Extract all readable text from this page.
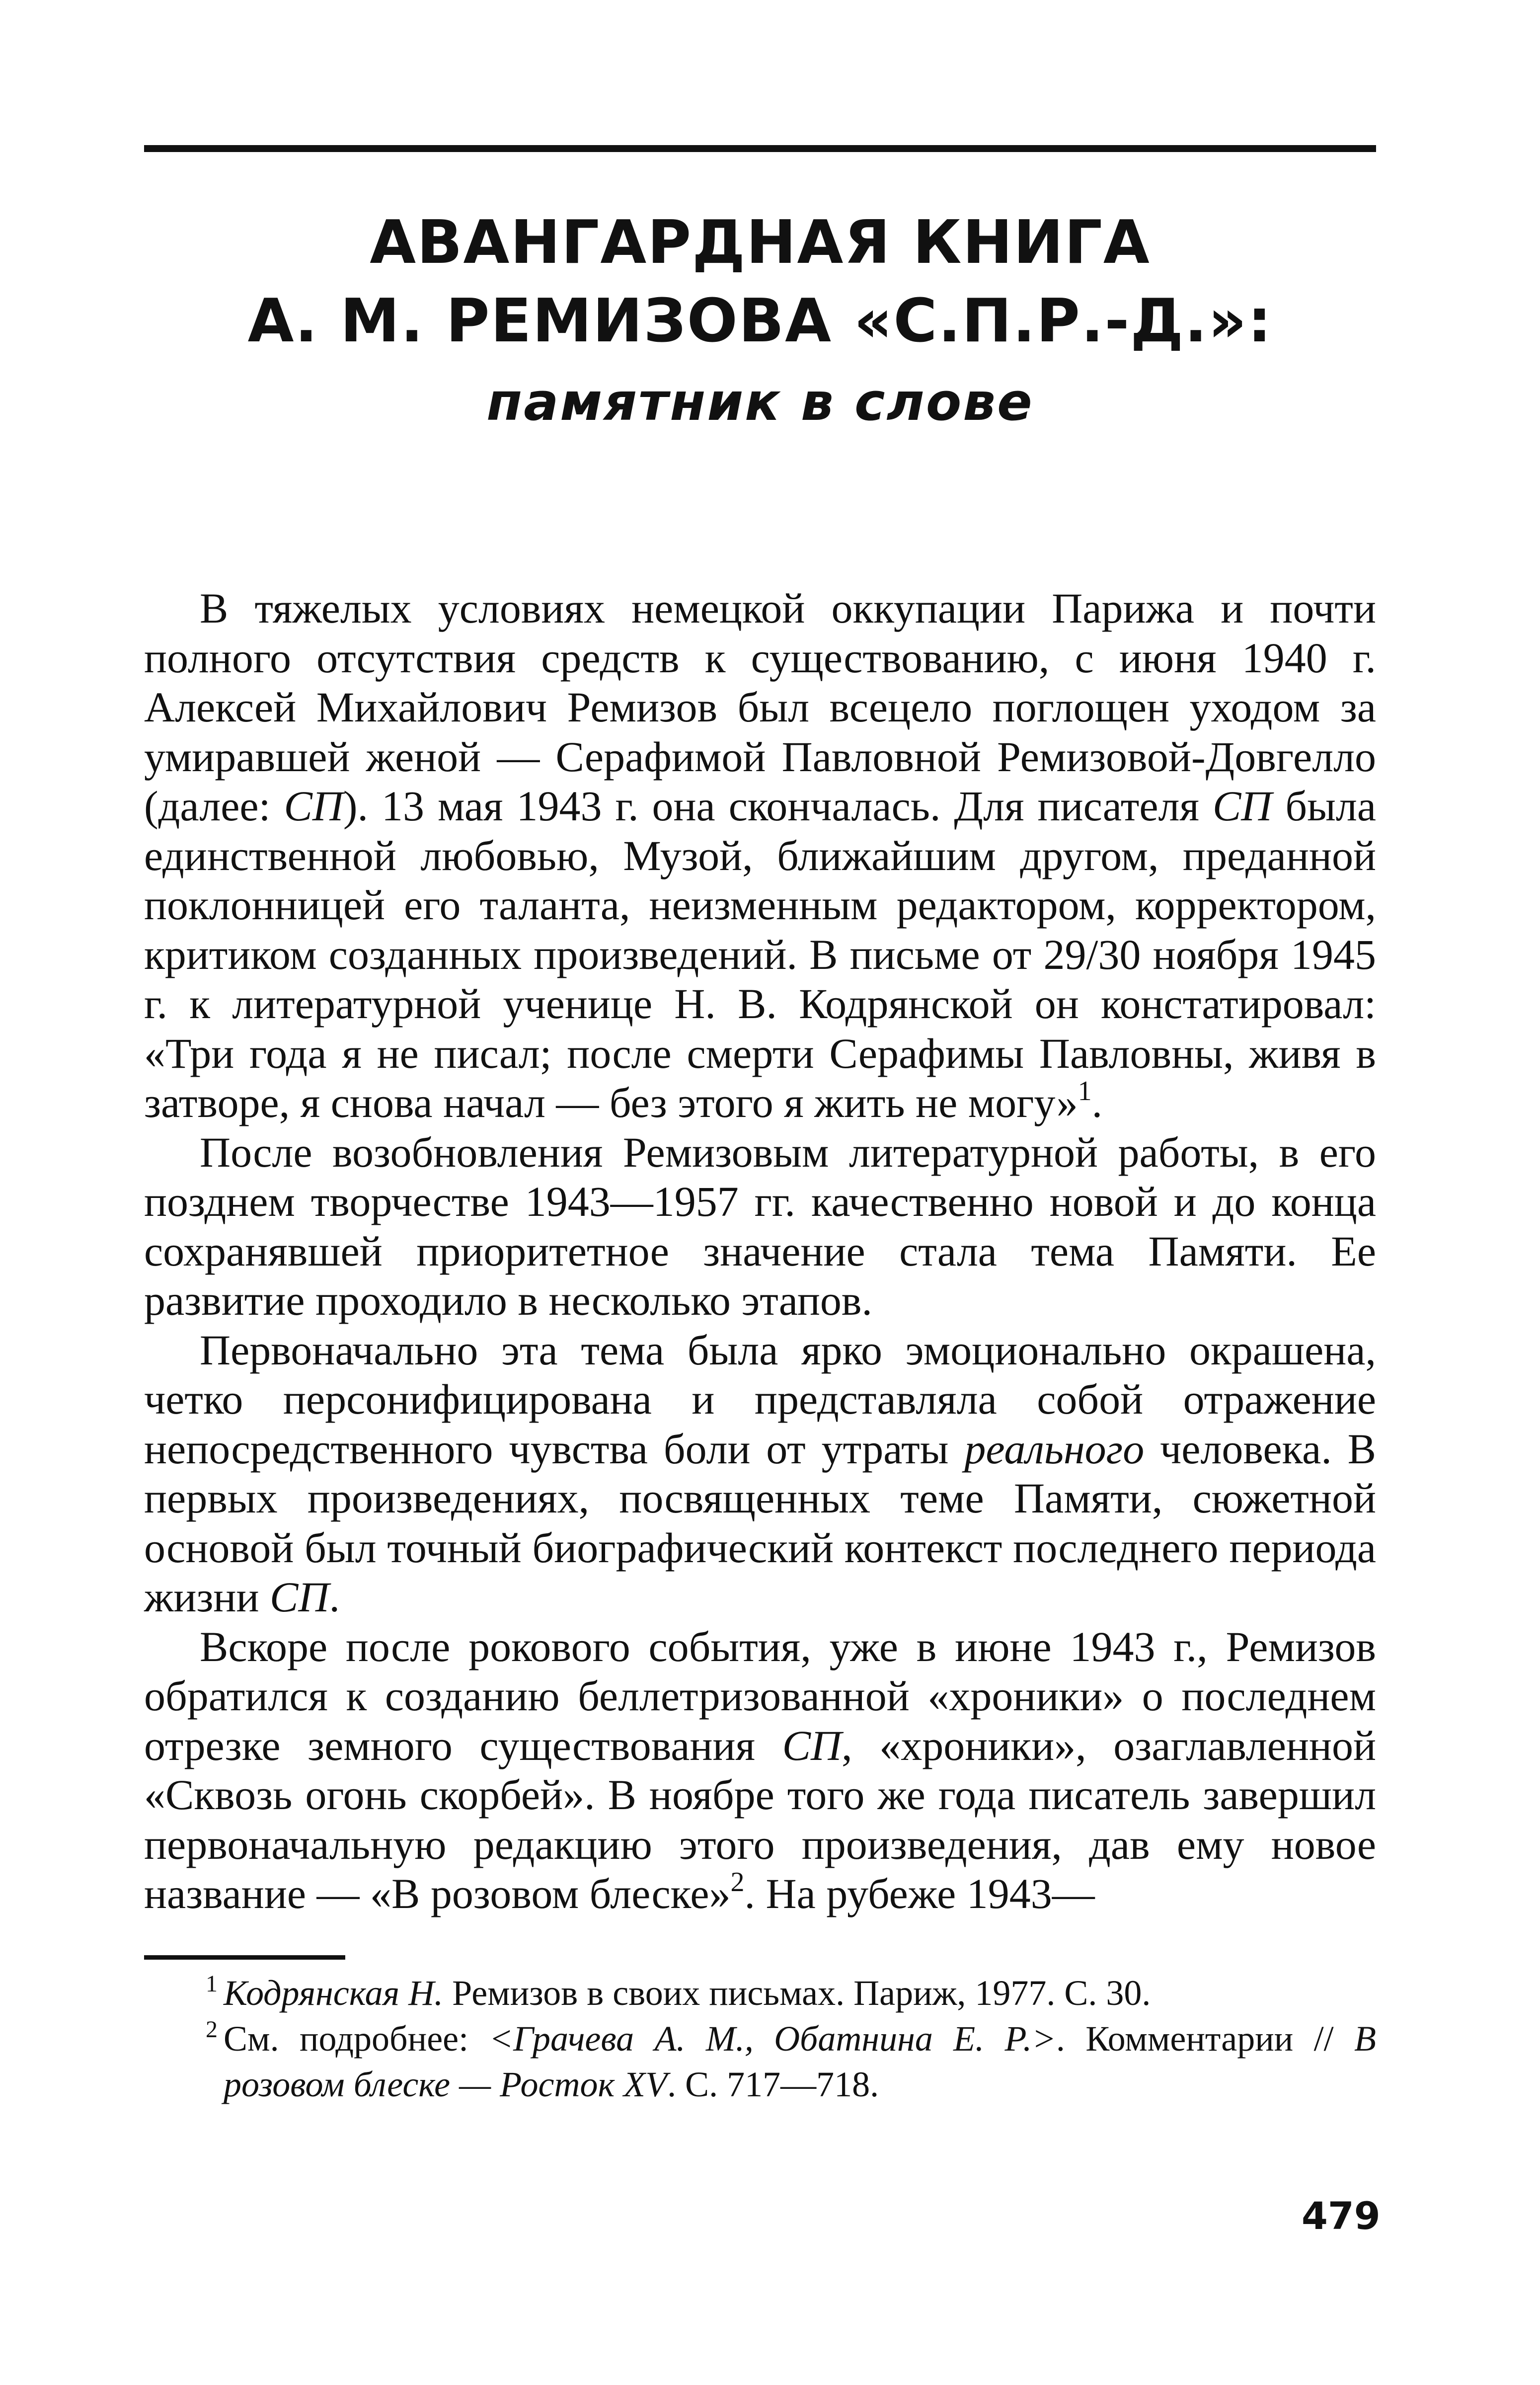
АВАНГАРДНАЯ КНИГА
А. М. РЕМИЗОВА «С.П.Р.-Д.»:
памятник в слове

В тяжелых условиях немецкой оккупации Парижа и почти полного отсутствия средств к существованию, с июня 1940 г. Алексей Михайлович Ремизов был всецело поглощен уходом за умиравшей женой — Серафимой Павловной Ремизовой-Довгелло (далее: СП). 13 мая 1943 г. она скончалась. Для писателя СП была единственной любовью, Музой, ближайшим другом, преданной поклонницей его таланта, неизменным редактором, корректором, критиком созданных произведений. В письме от 29/30 ноября 1945 г. к литературной ученице Н. В. Кодрянской он констатировал: «Три года я не писал; после смерти Серафимы Павловны, живя в затворе, я снова начал — без этого я жить не могу»$^1$.

После возобновления Ремизовым литературной работы, в его позднем творчестве 1943—1957 гг. качественно новой и до конца сохранявшей приоритетное значение стала тема Памяти. Ее развитие проходило в несколько этапов.

Первоначально эта тема была ярко эмоционально окрашена, четко персонифицирована и представляла собой отражение непосредственного чувства боли от утраты реального человека. В первых произведениях, посвященных теме Памяти, сюжетной основой был точный биографический контекст последнего периода жизни СП.

Вскоре после рокового события, уже в июне 1943 г., Ремизов обратился к созданию беллетризованной «хроники» о последнем отрезке земного существования СП, «хроники», озаглавленной «Сквозь огонь скорбей». В ноябре того же года писатель завершил первоначальную редакцию этого произведения, дав ему новое название — «В розовом блеске»$^2$. На рубеже 1943—

1 Кодрянская Н. Ремизов в своих письмах. Париж, 1977. С. 30.
2 См. подробнее: <Грачева А. М., Обатнина Е. Р.>. Комментарии // В розовом блеске — Росток XV. С. 717—718.
479
